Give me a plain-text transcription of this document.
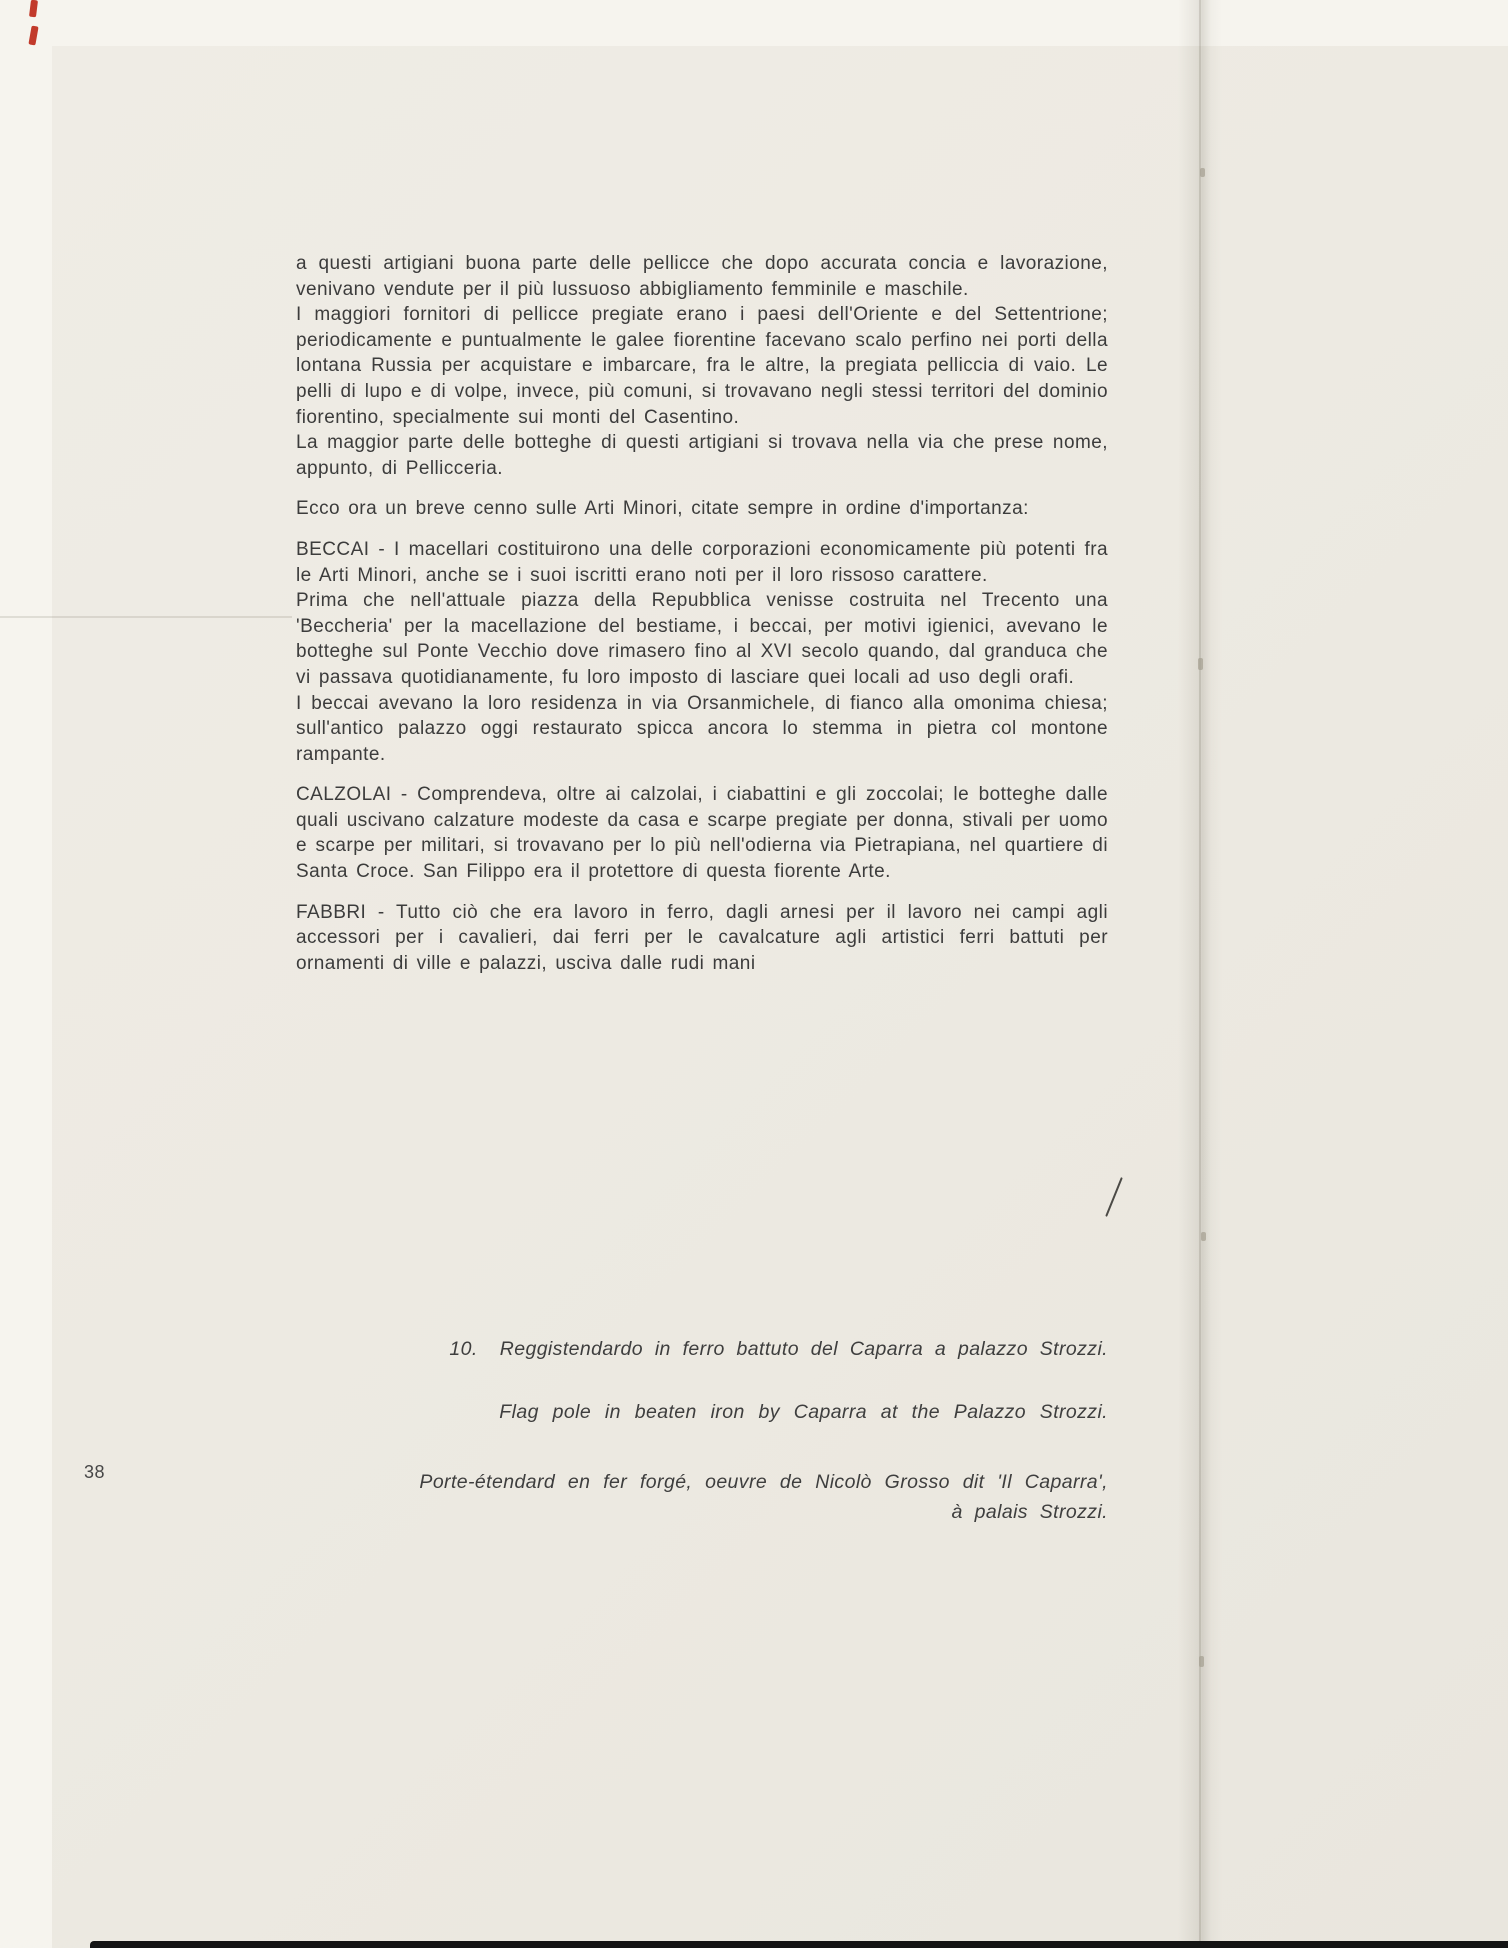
a questi artigiani buona parte delle pellicce che dopo accurata concia e lavorazione, venivano vendute per il più lussuoso abbigliamento femminile e maschile.

I maggiori fornitori di pellicce pregiate erano i paesi dell'Oriente e del Settentrione; periodicamente e puntualmente le galee fiorentine facevano scalo perfino nei porti della lontana Russia per acquistare e imbarcare, fra le altre, la pregiata pelliccia di vaio. Le pelli di lupo e di volpe, invece, più comuni, si trovavano negli stessi territori del dominio fiorentino, specialmente sui monti del Casentino.

La maggior parte delle botteghe di questi artigiani si trovava nella via che prese nome, appunto, di Pellicceria.

Ecco ora un breve cenno sulle Arti Minori, citate sempre in ordine d'importanza:

BECCAI - I macellari costituirono una delle corporazioni economicamente più potenti fra le Arti Minori, anche se i suoi iscritti erano noti per il loro rissoso carattere.

Prima che nell'attuale piazza della Repubblica venisse costruita nel Trecento una 'Beccheria' per la macellazione del bestiame, i beccai, per motivi igienici, avevano le botteghe sul Ponte Vecchio dove rimasero fino al XVI secolo quando, dal granduca che vi passava quotidianamente, fu loro imposto di lasciare quei locali ad uso degli orafi.

I beccai avevano la loro residenza in via Orsanmichele, di fianco alla omonima chiesa; sull'antico palazzo oggi restaurato spicca ancora lo stemma in pietra col montone rampante.

CALZOLAI - Comprendeva, oltre ai calzolai, i ciabattini e gli zoccolai; le botteghe dalle quali uscivano calzature modeste da casa e scarpe pregiate per donna, stivali per uomo e scarpe per militari, si trovavano per lo più nell'odierna via Pietrapiana, nel quartiere di Santa Croce. San Filippo era il protettore di questa fiorente Arte.

FABBRI - Tutto ciò che era lavoro in ferro, dagli arnesi per il lavoro nei campi agli accessori per i cavalieri, dai ferri per le cavalcature agli artistici ferri battuti per ornamenti di ville e palazzi, usciva dalle rudi mani

10. Reggistendardo in ferro battuto del Caparra a palazzo Strozzi.
Flag pole in beaten iron by Caparra at the Palazzo Strozzi.
Porte-étendard en fer forgé, oeuvre de Nicolò Grosso dit 'Il Caparra',
à palais Strozzi.
38
